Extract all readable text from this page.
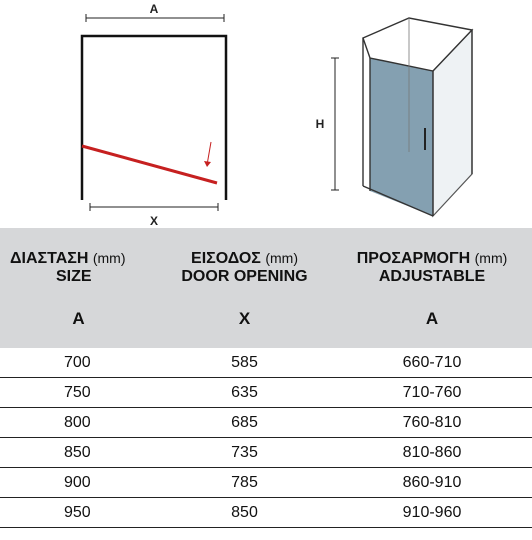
A
X
H
ΔΙΑΣΤΑΣΗ (mm)	ΕΙΣΟΔΟΣ (mm)	ΠΡΟΣΑΡΜΟΓΗ (mm)
SIZE	DOOR OPENING	ADJUSTABLE
A	X	A
700	585	660-710
750	635	710-760
800	685	760-810
850	735	810-860
900	785	860-910
950	850	910-960
